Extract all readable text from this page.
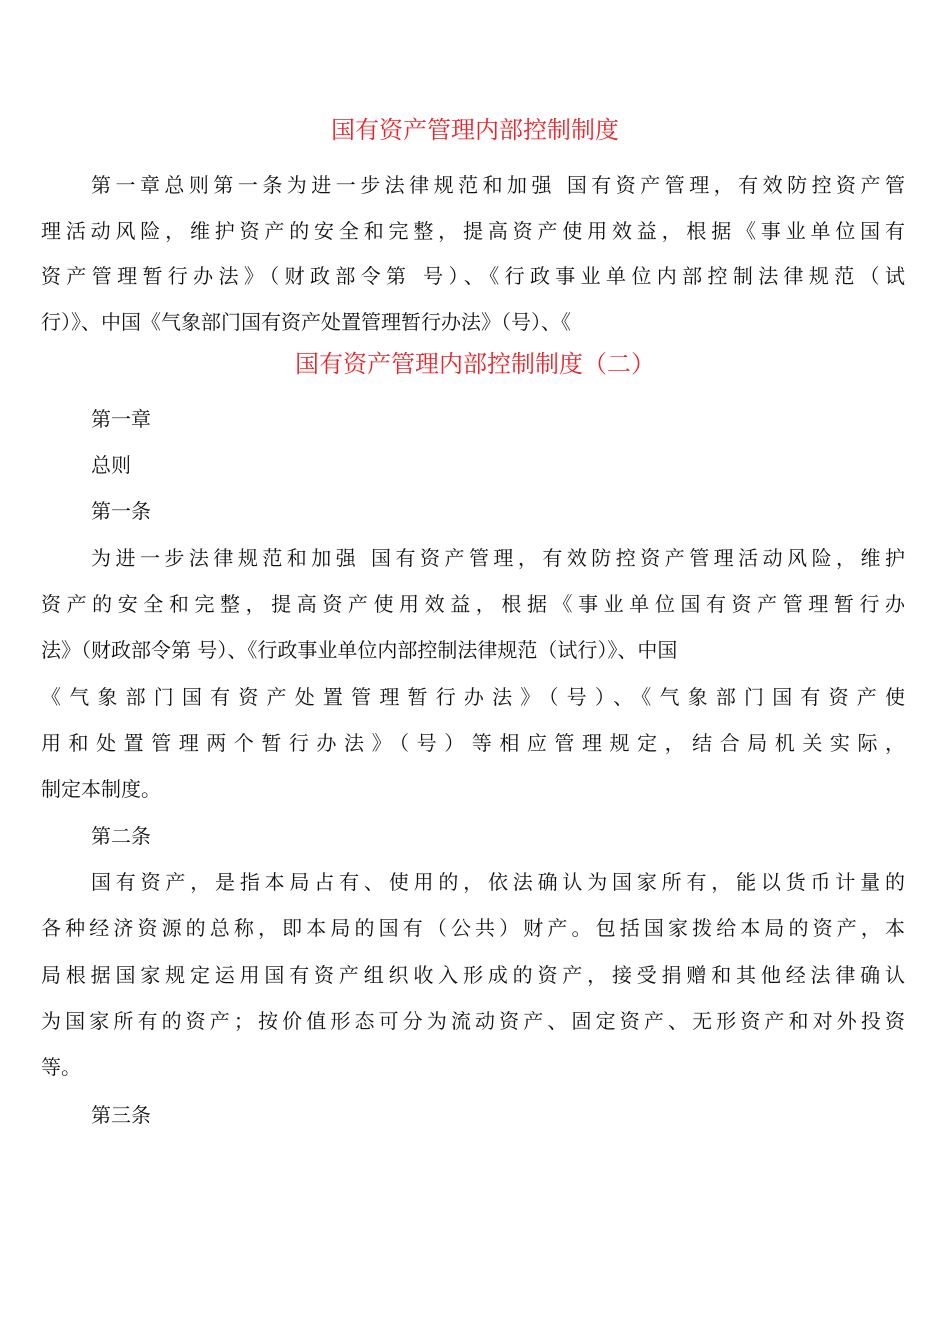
国有资产管理内部控制制度
第一章总则第一条为进一步法律规范和加强 国有资产管理，有效防控资产管
理活动风险，维护资产的安全和完整，提高资产使用效益，根据《事业单位国有
资产管理暂行办法》（财政部令第 号）、《行政事业单位内部控制法律规范（试
行）》、中国《气象部门国有资产处置管理暂行办法》（号）、《
国有资产管理内部控制制度（二）
第一章
总则
第一条
为进一步法律规范和加强 国有资产管理，有效防控资产管理活动风险，维护
资产的安全和完整，提高资产使用效益，根据《事业单位国有资产管理暂行办
法》（财政部令第 号）、《行政事业单位内部控制法律规范（试行）》、中国
《气象部门国有资产处置管理暂行办法》（号）、《气象部门国有资产使
用和处置管理两个暂行办法》（号）等相应管理规定，结合局机关实际，
制定本制度。
第二条
国有资产，是指本局占有、使用的，依法确认为国家所有，能以货币计量的
各种经济资源的总称，即本局的国有（公共）财产。包括国家拨给本局的资产，本
局根据国家规定运用国有资产组织收入形成的资产，接受捐赠和其他经法律确认
为国家所有的资产；按价值形态可分为流动资产、固定资产、无形资产和对外投资
等。
第三条
